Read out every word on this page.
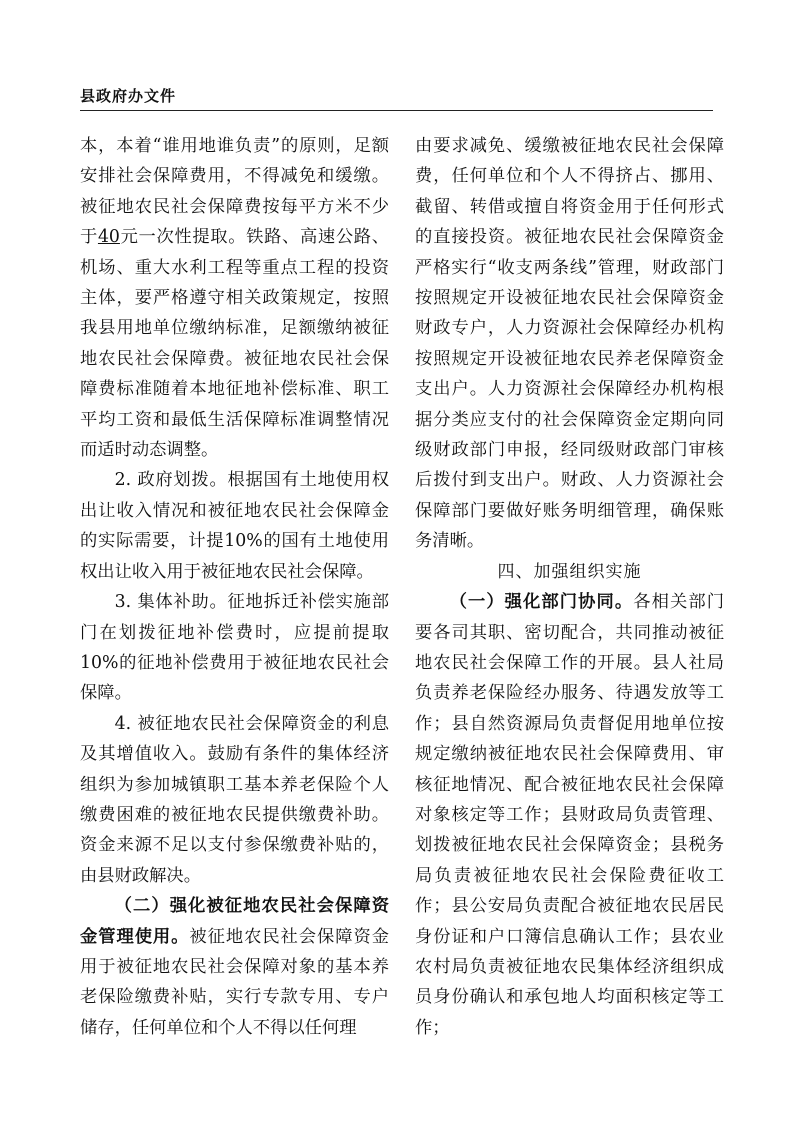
县政府办文件

本，本着“谁用地谁负责”的原则，足额安排社会保障费用，不得减免和缓缴。被征地农民社会保障费按每平方米不少于40元一次性提取。铁路、高速公路、机场、重大水利工程等重点工程的投资主体，要严格遵守相关政策规定，按照我县用地单位缴纳标准，足额缴纳被征地农民社会保障费。被征地农民社会保障费标准随着本地征地补偿标准、职工平均工资和最低生活保障标准调整情况而适时动态调整。

2. 政府划拨。根据国有土地使用权出让收入情况和被征地农民社会保障金的实际需要，计提10%的国有土地使用权出让收入用于被征地农民社会保障。

3. 集体补助。征地拆迁补偿实施部门在划拨征地补偿费时，应提前提取10%的征地补偿费用于被征地农民社会保障。

4. 被征地农民社会保障资金的利息及其增值收入。鼓励有条件的集体经济组织为参加城镇职工基本养老保险个人缴费困难的被征地农民提供缴费补助。资金来源不足以支付参保缴费补贴的，由县财政解决。

（二）强化被征地农民社会保障资金管理使用。被征地农民社会保障资金用于被征地农民社会保障对象的基本养老保险缴费补贴，实行专款专用、专户储存，任何单位和个人不得以任何理

由要求减免、缓缴被征地农民社会保障费，任何单位和个人不得挤占、挪用、截留、转借或擅自将资金用于任何形式的直接投资。被征地农民社会保障资金严格实行“收支两条线”管理，财政部门按照规定开设被征地农民社会保障资金财政专户，人力资源社会保障经办机构按照规定开设被征地农民养老保障资金支出户。人力资源社会保障经办机构根据分类应支付的社会保障资金定期向同级财政部门申报，经同级财政部门审核后拨付到支出户。财政、人力资源社会保障部门要做好账务明细管理，确保账务清晰。

四、加强组织实施

（一）强化部门协同。各相关部门要各司其职、密切配合，共同推动被征地农民社会保障工作的开展。县人社局负责养老保险经办服务、待遇发放等工作；县自然资源局负责督促用地单位按规定缴纳被征地农民社会保障费用、审核征地情况、配合被征地农民社会保障对象核定等工作；县财政局负责管理、划拨被征地农民社会保障资金；县税务局负责被征地农民社会保险费征收工作；县公安局负责配合被征地农民居民身份证和户口簿信息确认工作；县农业农村局负责被征地农民集体经济组织成员身份确认和承包地人均面积核定等工作；
